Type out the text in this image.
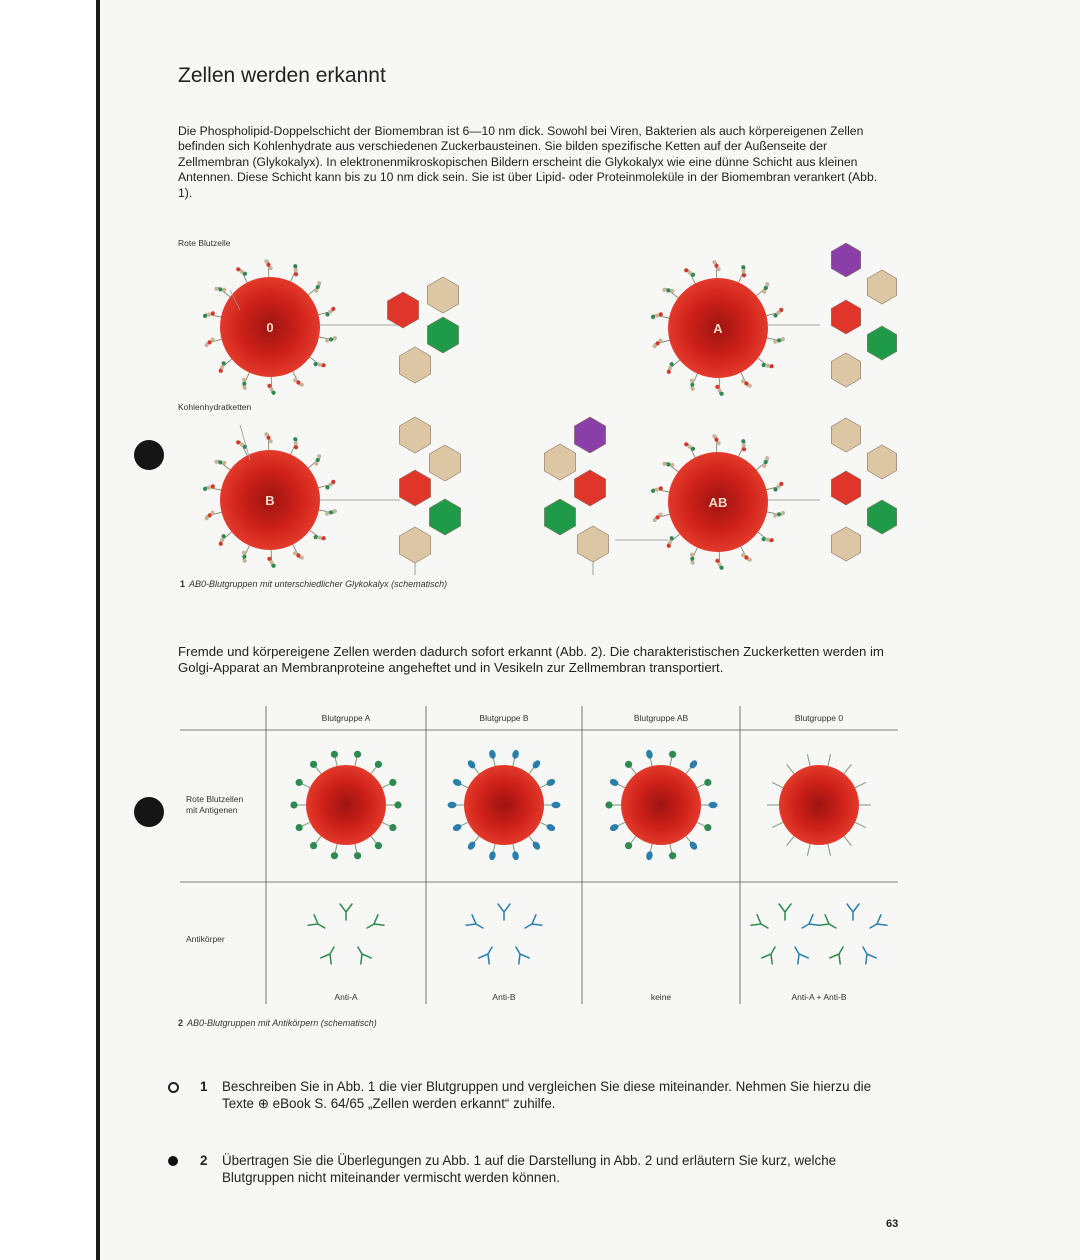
Zellen werden erkannt

Die Phospholipid-Doppelschicht der Biomembran ist 6—10 nm dick. Sowohl bei Viren, Bakterien als auch körpereigenen Zellen befinden sich Kohlenhydrate aus verschiedenen Zuckerbausteinen. Sie bilden spezifische Ketten auf der Außenseite der Zellmembran (Glykokalyx). In elektronenmikroskopischen Bildern erscheint die Glykokalyx wie eine dünne Schicht aus kleinen Antennen. Diese Schicht kann bis zu 10 nm dick sein. Sie ist über Lipid- oder Proteinmoleküle in der Biomembran verankert (Abb. 1).

0	A
B	AB
Rote Blutzelle
Kohlenhydratketten
1 AB0-Blutgruppen mit unterschiedlicher Glykokalyx (schematisch)

Fremde und körpereigene Zellen werden dadurch sofort erkannt (Abb. 2). Die charakteristischen Zuckerketten werden im Golgi-Apparat an Membranproteine angeheftet und in Vesikeln zur Zellmembran transportiert.

Blutgruppe A	Blutgruppe B	Blutgruppe AB	Blutgruppe 0
Rote Blutzellen
mit Antigenen
Antikörper
Anti-A	Anti-B	keine	Anti-A + Anti-B
2 AB0-Blutgruppen mit Antikörpern (schematisch)
1 Beschreiben Sie in Abb. 1 die vier Blutgruppen und vergleichen Sie diese miteinander. Nehmen Sie hierzu die Texte ⊕ eBook S. 64/65 „Zellen werden erkannt“ zuhilfe.
2 Übertragen Sie die Überlegungen zu Abb. 1 auf die Darstellung in Abb. 2 und erläutern Sie kurz, welche Blutgruppen nicht miteinander vermischt werden können.
63
